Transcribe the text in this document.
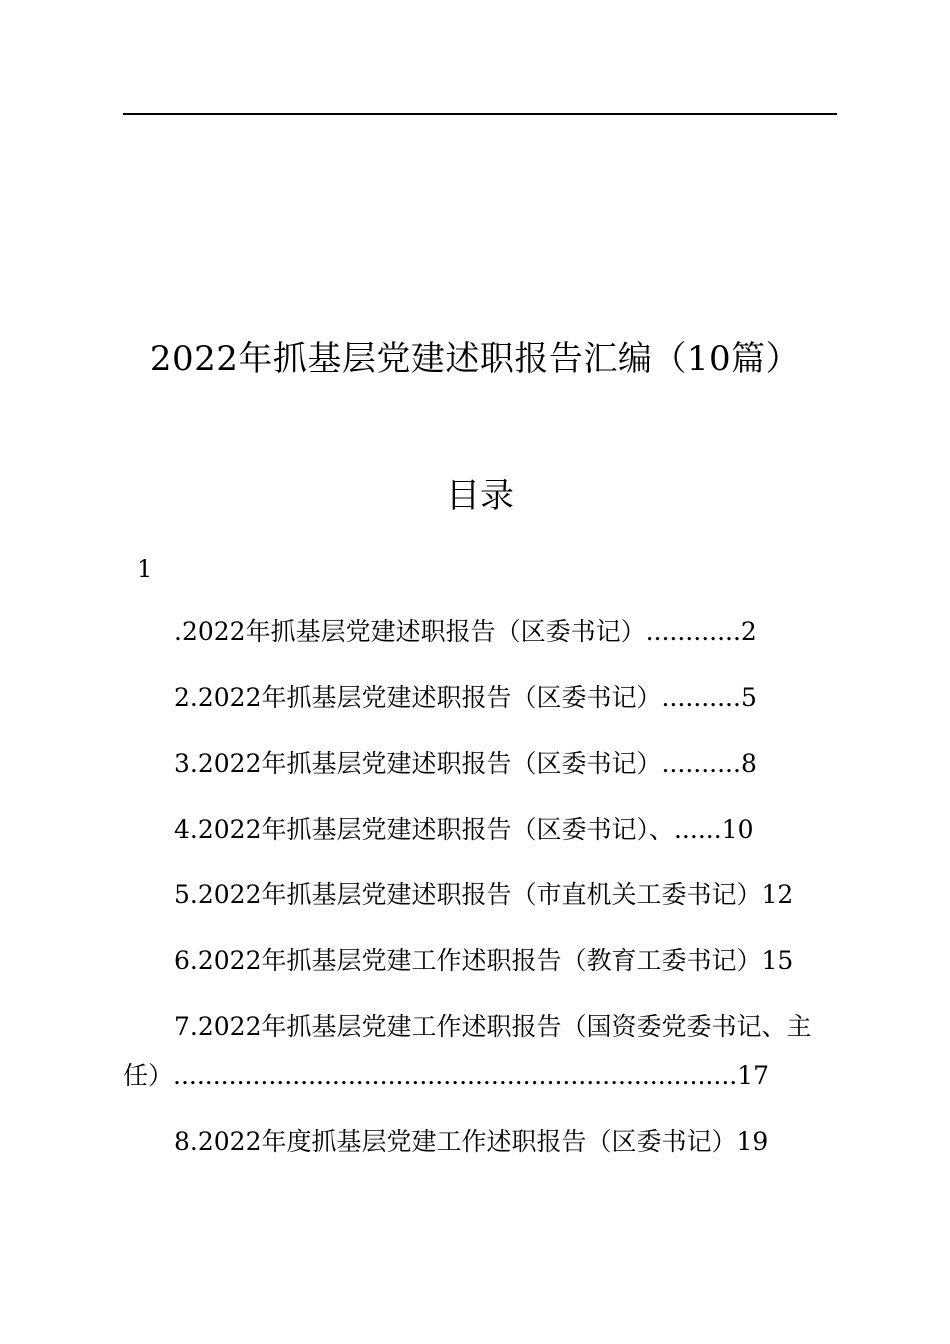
2022年抓基层党建述职报告汇编（10篇）
目录
1
.2022年抓基层党建述职报告（区委书记）............2
2.2022年抓基层党建述职报告（区委书记）..........5
3.2022年抓基层党建述职报告（区委书记）..........8
4.2022年抓基层党建述职报告（区委书记）、......10
5.2022年抓基层党建述职报告（市直机关工委书记）12
6.2022年抓基层党建工作述职报告（教育工委书记）15
7.2022年抓基层党建工作述职报告（国资委党委书记、主
任）.......................................................................17
8.2022年度抓基层党建工作述职报告（区委书记）19
